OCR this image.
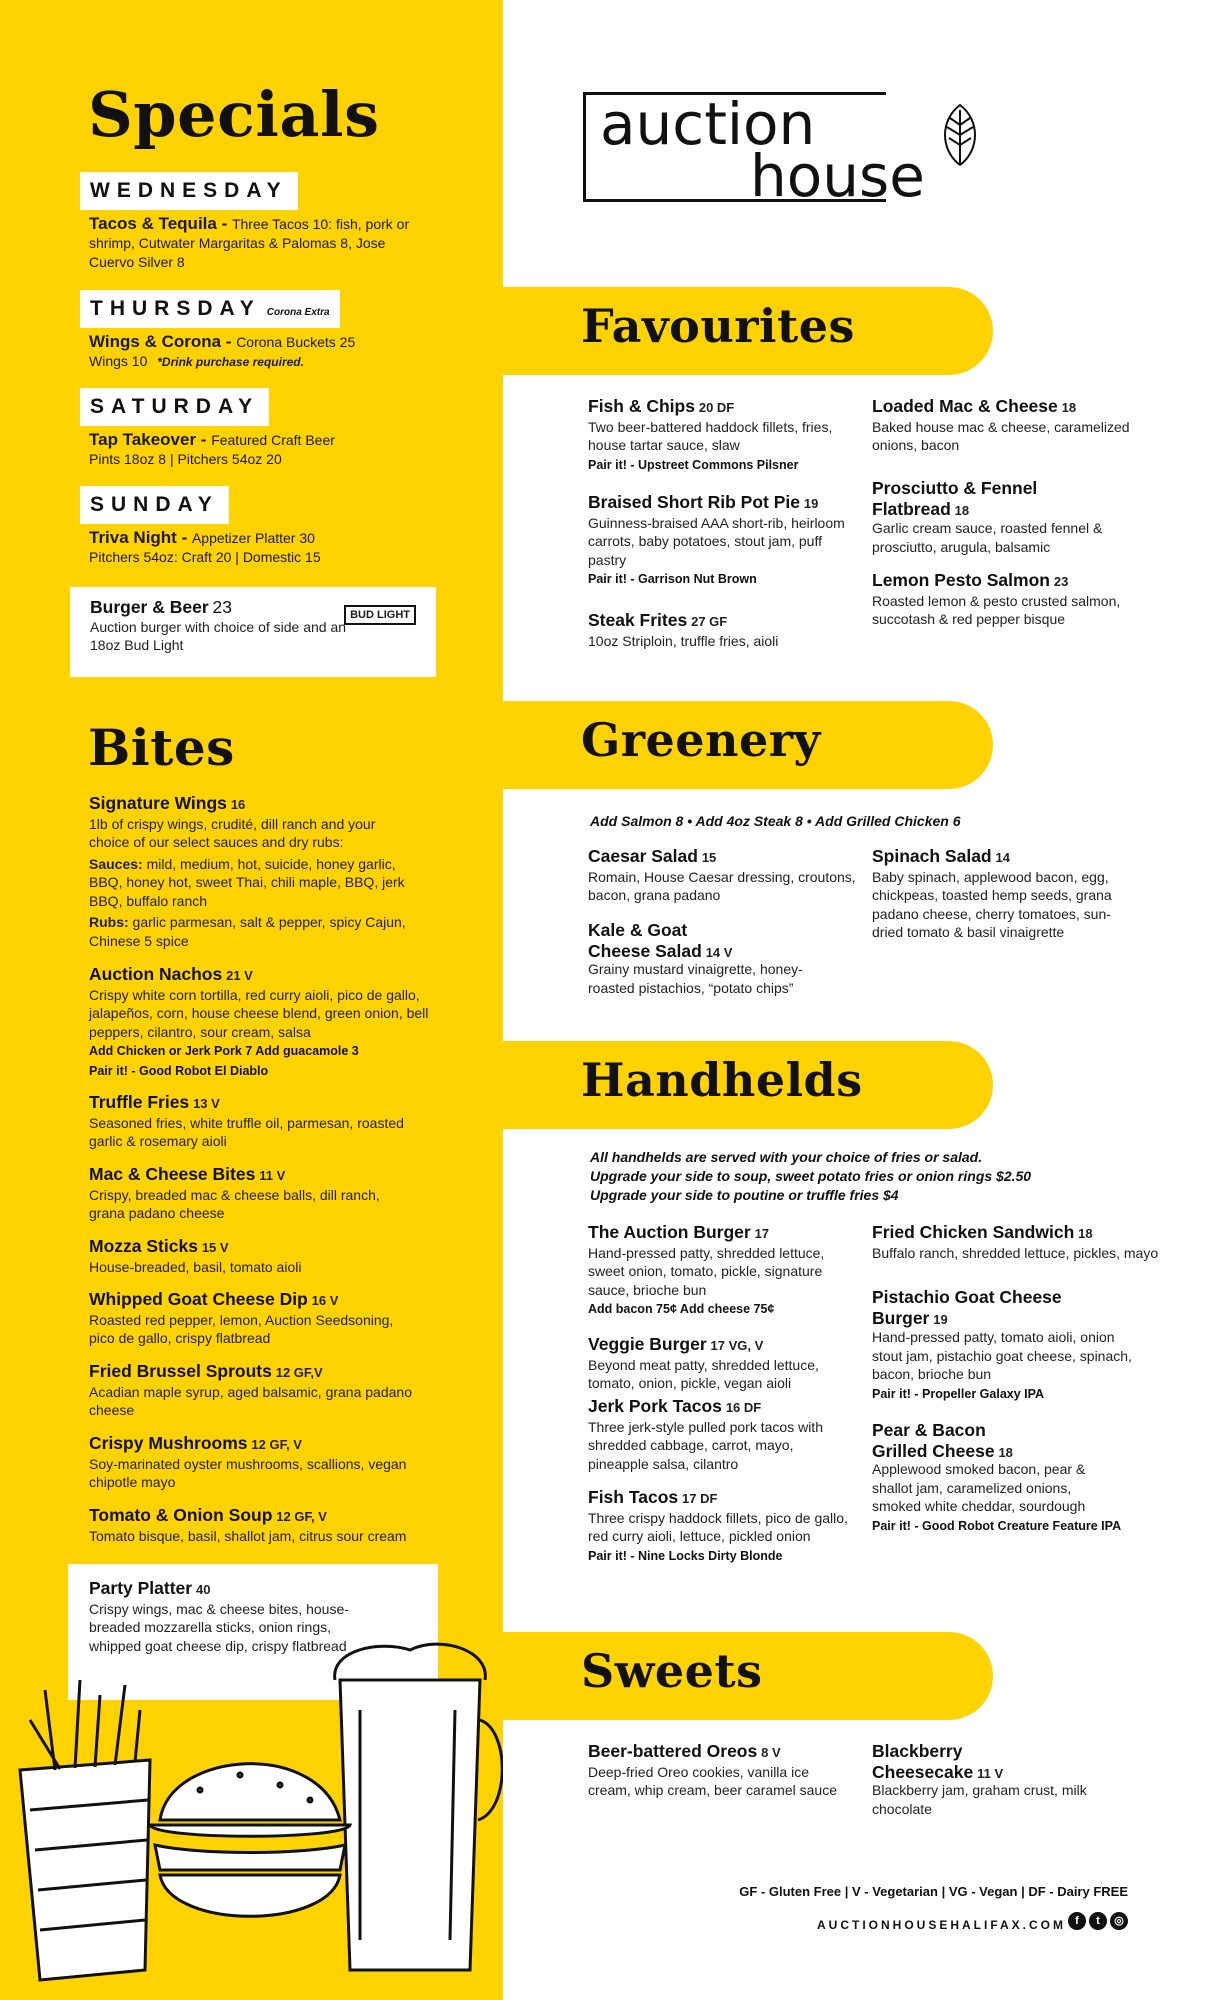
Specials
WEDNESDAY
Tacos & Tequila - Three Tacos 10: fish, pork or shrimp, Cutwater Margaritas & Palomas 8, Jose Cuervo Silver 8
THURSDAY Corona Extra
Wings & Corona - Corona Buckets 25
Wings 10 *Drink purchase required.
SATURDAY
Tap Takeover - Featured Craft Beer
Pints 18oz 8 | Pitchers 54oz 20
SUNDAY
Triva Night - Appetizer Platter 30
Pitchers 54oz: Craft 20 | Domestic 15
Burger & Beer 23
Auction burger with choice of side and an 18oz Bud Light
BUD LIGHT
Bites
Signature Wings 16
1lb of crispy wings, crudité, dill ranch and your choice of our select sauces and dry rubs:

Sauces: mild, medium, hot, suicide, honey garlic, BBQ, honey hot, sweet Thai, chili maple, BBQ, jerk BBQ, buffalo ranch
Rubs: garlic parmesan, salt & pepper, spicy Cajun, Chinese 5 spice
Auction Nachos 21 V
Crispy white corn tortilla, red curry aioli, pico de gallo, jalapeños, corn, house cheese blend, green onion, bell peppers, cilantro, sour cream, salsa
Add Chicken or Jerk Pork 7 Add guacamole 3
Pair it! - Good Robot El Diablo
Truffle Fries 13 V
Seasoned fries, white truffle oil, parmesan, roasted garlic & rosemary aioli
Mac & Cheese Bites 11 V
Crispy, breaded mac & cheese balls, dill ranch, grana padano cheese
Mozza Sticks 15 V
House-breaded, basil, tomato aioli
Whipped Goat Cheese Dip 16 V
Roasted red pepper, lemon, Auction Seedsoning, pico de gallo, crispy flatbread
Fried Brussel Sprouts 12 GF,V
Acadian maple syrup, aged balsamic, grana padano cheese
Crispy Mushrooms 12 GF, V
Soy-marinated oyster mushrooms, scallions, vegan chipotle mayo
Tomato & Onion Soup 12 GF, V
Tomato bisque, basil, shallot jam, citrus sour cream
Party Platter 40
Crispy wings, mac & cheese bites, house-breaded mozzarella sticks, onion rings, whipped goat cheese dip, crispy flatbread
auction
house
Favourites
Fish & Chips 20 DF
Two beer-battered haddock fillets, fries, house tartar sauce, slaw
Pair it! - Upstreet Commons Pilsner
Braised Short Rib Pot Pie 19
Guinness-braised AAA short-rib, heirloom carrots, baby potatoes, stout jam, puff pastry
Pair it! - Garrison Nut Brown
Steak Frites 27 GF
10oz Striploin, truffle fries, aioli
Loaded Mac & Cheese 18
Baked house mac & cheese, caramelized onions, bacon
Prosciutto & Fennel Flatbread 18
Garlic cream sauce, roasted fennel & prosciutto, arugula, balsamic
Lemon Pesto Salmon 23
Roasted lemon & pesto crusted salmon, succotash & red pepper bisque
Greenery
Add Salmon 8 • Add 4oz Steak 8 • Add Grilled Chicken 6
Caesar Salad 15
Romain, House Caesar dressing, croutons, bacon, grana padano
Kale & Goat Cheese Salad 14 V
Grainy mustard vinaigrette, honey-roasted pistachios, “potato chips”
Spinach Salad 14
Baby spinach, applewood bacon, egg, chickpeas, toasted hemp seeds, grana padano cheese, cherry tomatoes, sun-dried tomato & basil vinaigrette
Handhelds
All handhelds are served with your choice of fries or salad.
Upgrade your side to soup, sweet potato fries or onion rings $2.50
Upgrade your side to poutine or truffle fries $4
The Auction Burger 17
Hand-pressed patty, shredded lettuce, sweet onion, tomato, pickle, signature sauce, brioche bun
Add bacon 75¢ Add cheese 75¢
Veggie Burger 17 VG, V
Beyond meat patty, shredded lettuce, tomato, onion, pickle, vegan aioli
Jerk Pork Tacos 16 DF
Three jerk-style pulled pork tacos with shredded cabbage, carrot, mayo, pineapple salsa, cilantro
Fish Tacos 17 DF
Three crispy haddock fillets, pico de gallo, red curry aioli, lettuce, pickled onion
Pair it! - Nine Locks Dirty Blonde
Fried Chicken Sandwich 18
Buffalo ranch, shredded lettuce, pickles, mayo
Pistachio Goat Cheese Burger 19
Hand-pressed patty, tomato aioli, onion stout jam, pistachio goat cheese, spinach, bacon, brioche bun
Pair it! - Propeller Galaxy IPA
Pear & Bacon Grilled Cheese 18
Applewood smoked bacon, pear & shallot jam, caramelized onions, smoked white cheddar, sourdough
Pair it! - Good Robot Creature Feature IPA
Sweets
Beer-battered Oreos 8 V
Deep-fried Oreo cookies, vanilla ice cream, whip cream, beer caramel sauce
Blackberry Cheesecake 11 V
Blackberry jam, graham crust, milk chocolate
GF - Gluten Free | V - Vegetarian | VG - Vegan | DF - Dairy FREE
AUCTIONHOUSEHALIFAX.COM f	t	◎
